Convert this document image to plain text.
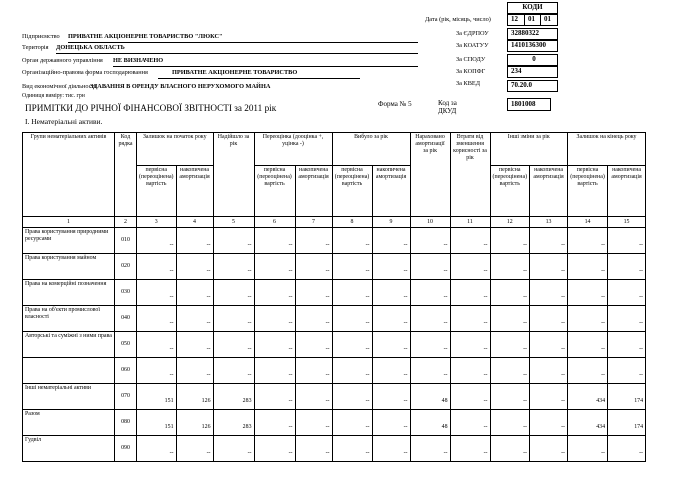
КОДИ
Дата (рік, місяць, число)	12	01	01
Підприємство ПРИВАТНЕ АКЦІОНЕРНЕ ТОВАРИСТВО "ЛЮКС"
Територія ДОНЕЦЬКА ОБЛАСТЬ
Орган державного управління НЕ ВИЗНАЧЕНО
Організаційно-правова форма господарювання	ПРИВАТНЕ АКЦІОНЕРНЕ ТОВАРИСТВО
Вид економічної діяльності
ЗДАВАННЯ В ОРЕНДУ ВЛАСНОГО НЕРУХОМОГО МАЙНА
Одиниця виміру: тис. грн
За ЄДРПОУ	32880322
За КОАТУУ	1410136300
За СПОДУ	0
За КОПФГ	234
За КВЕД	70.20.0
ПРИМІТКИ ДО РІЧНОЇ ФІНАНСОВОЇ ЗВІТНОСТІ за 2011 рік	Форма № 5	Код за ДКУД
1801008
I. Нематеріальні активи.
Групи нематеріальних активів	Код рядка	Залишок на початок року		Надійшло за рік	Переоцінка (дооцінка +, уцінка -)		Вибуло за рік		Нараховано амортизації за рік	Втрати від зменшення корисності за рік	Інші зміни за рік		Залишок на кінець року	
		первісна (переоцінена) вартість	накопичена амортизація		первісна (переоцінена) вартість	накопичена амортизація	первісна (переоцінена) вартість	накопичена амортизація			первісна (переоцінена) вартість	накопичена амортизація	первісна (переоцінена) вартість	накопичена амортизація
1	2	3	4	5	6	7	8	9	10	11	12	13	14	15
Права користування природними ресурсами	010	--	--	--	--	--	--	--	--	--	--	--	--	--
Права користування майном	020	--	--	--	--	--	--	--	--	--	--	--	--	--
Права на комерційні позначення	030	--	--	--	--	--	--	--	--	--	--	--	--	--
Права на об'єкти промислової власності	040	--	--	--	--	--	--	--	--	--	--	--	--	--
Авторські та суміжні з ними права	050	--	--	--	--	--	--	--	--	--	--	--	--	--
	060	--	--	--	--	--	--	--	--	--	--	--	--	--
Інші нематеріальні активи	070	151	126	283	--	--	--	--	48	--	--	--	434	174
Разом	080	151	126	283	--	--	--	--	48	--	--	--	434	174
Гудвіл	090	--	--	--	--	--	--	--	--	--	--	--	--	--
